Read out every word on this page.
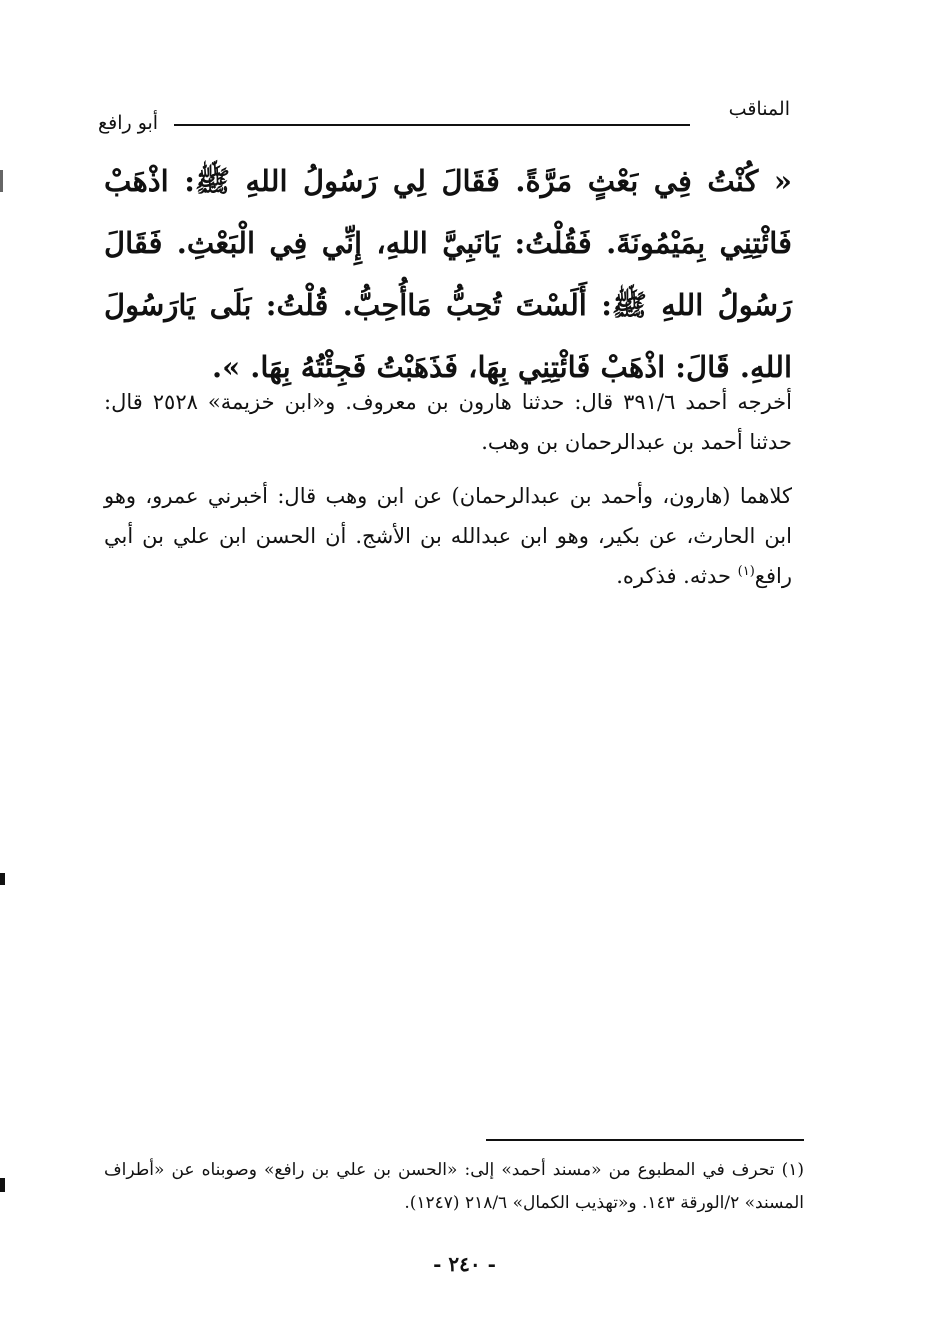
المناقب
أبو رافع
« كُنْتُ فِي بَعْثٍ مَرَّةً. فَقَالَ لِي رَسُولُ اللهِ ﷺ: اذْهَبْ فَائْتِنِي بِمَيْمُونَةَ. فَقُلْتُ: يَانَبِيَّ اللهِ، إِنِّي فِي الْبَعْثِ. فَقَالَ رَسُولُ اللهِ ﷺ: أَلَسْتَ تُحِبُّ مَاأُحِبُّ. قُلْتُ: بَلَى يَارَسُولَ اللهِ. قَالَ: اذْهَبْ فَائْتِنِي بِهَا، فَذَهَبْتُ فَجِئْتُهُ بِهَا. ».
أخرجه أحمد ٣٩١/٦ قال: حدثنا هارون بن معروف. و«ابن خزيمة» ٢٥٢٨ قال: حدثنا أحمد بن عبدالرحمان بن وهب.
كلاهما (هارون، وأحمد بن عبدالرحمان) عن ابن وهب قال: أخبرني عمرو، وهو ابن الحارث، عن بكير، وهو ابن عبدالله بن الأشج. أن الحسن ابن علي بن أبي رافع$^{(١)}$ حدثه. فذكره.
(١) تحرف في المطبوع من «مسند أحمد» إلى: «الحسن بن علي بن رافع» وصوبناه عن «أطراف المسند» ٢/الورقة ١٤٣. و«تهذيب الكمال» ٢١٨/٦ (١٢٤٧).
- ٢٤٠ -
